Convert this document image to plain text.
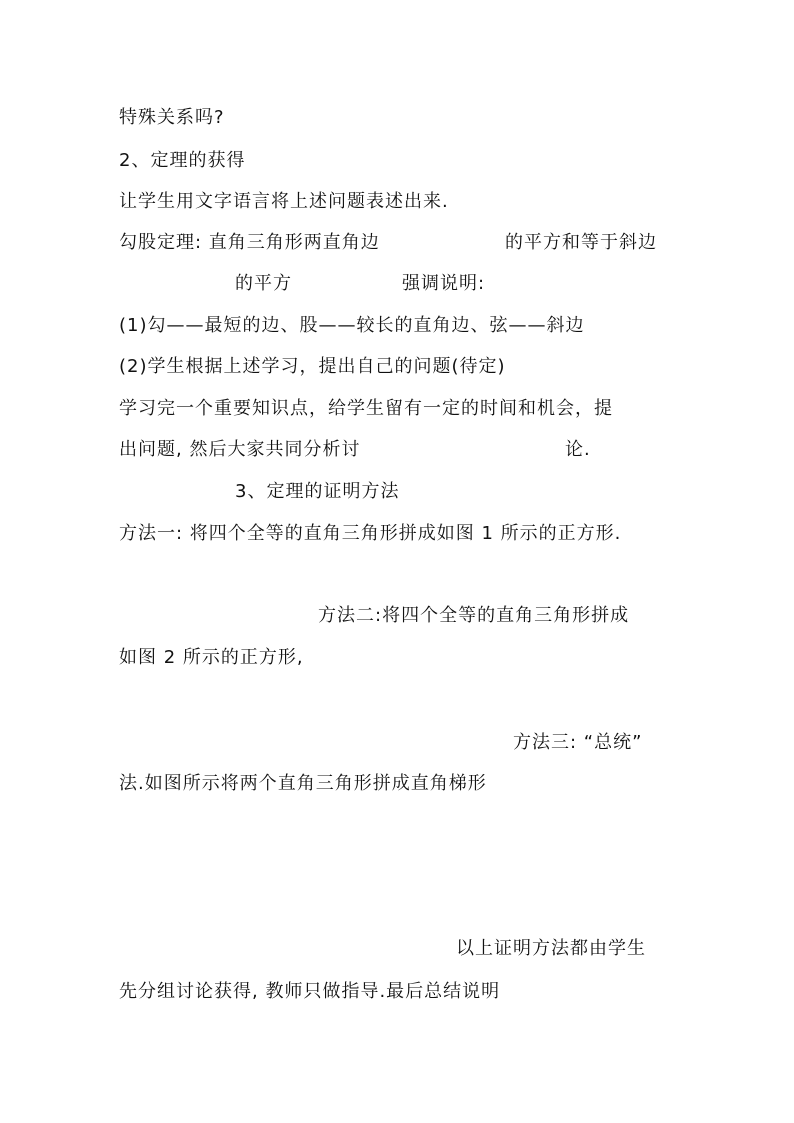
特殊关系吗?
2、定理的获得
让学生用文字语言将上述问题表述出来.
勾股定理: 直角三角形两直角边	的平方和等于斜边
的平方	强调说明:
(1)勾——最短的边、股——较长的直角边、弦——斜边
(2)学生根据上述学习，提出自己的问题(待定)
学习完一个重要知识点，给学生留有一定的时间和机会，提
出问题, 然后大家共同分析讨	论.
3、定理的证明方法
方法一: 将四个全等的直角三角形拼成如图 1 所示的正方形.
方法二:将四个全等的直角三角形拼成
如图 2 所示的正方形,
方法三: “总统”
法.如图所示将两个直角三角形拼成直角梯形
以上证明方法都由学生
先分组讨论获得, 教师只做指导.最后总结说明
